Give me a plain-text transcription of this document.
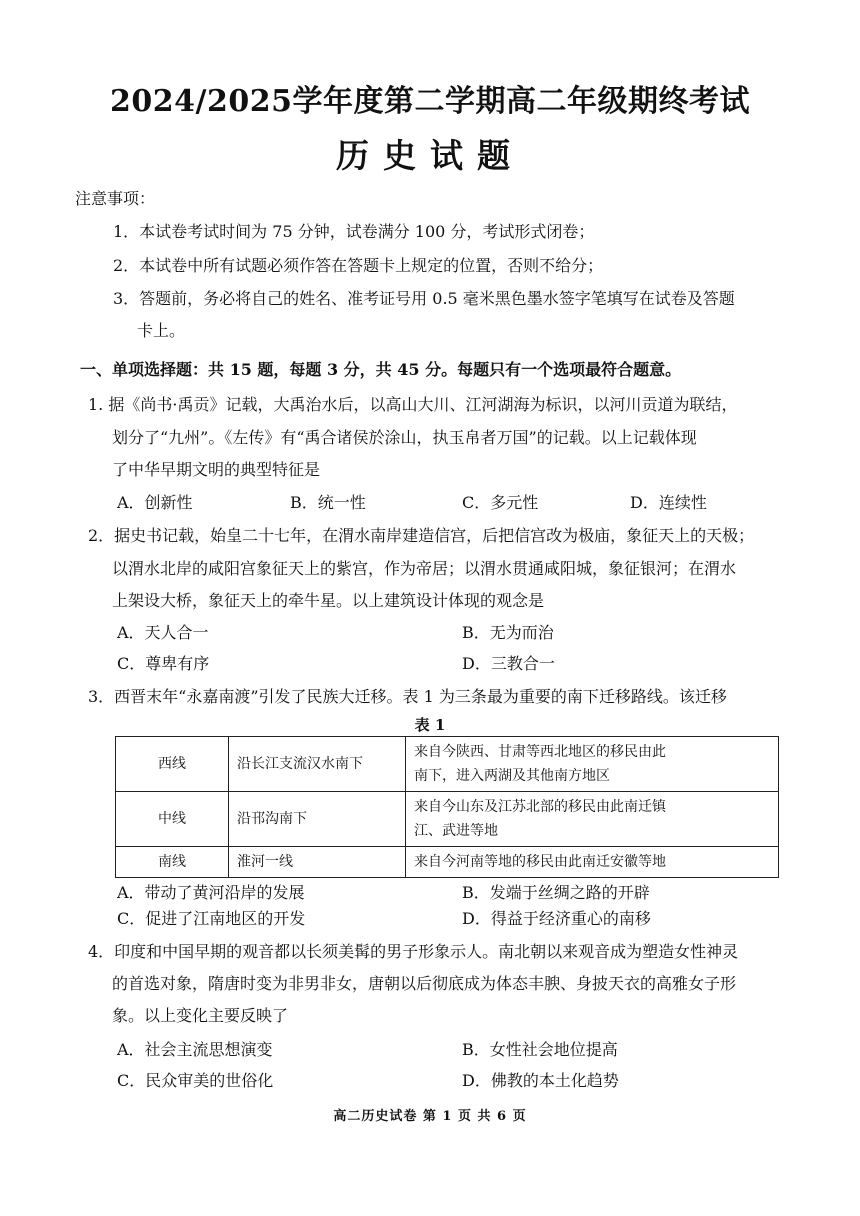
2024/2025学年度第二学期高二年级期终考试
历史试题
注意事项：
1．本试卷考试时间为 75 分钟，试卷满分 100 分，考试形式闭卷；
2．本试卷中所有试题必须作答在答题卡上规定的位置，否则不给分；
3．答题前，务必将自己的姓名、准考证号用 0.5 毫米黑色墨水签字笔填写在试卷及答题
卡上。
一、单项选择题：共 15 题，每题 3 分，共 45 分。每题只有一个选项最符合题意。
1. 据《尚书·禹贡》记载，大禹治水后，以高山大川、江河湖海为标识，以河川贡道为联结，
划分了“九州”。《左传》有“禹合诸侯於涂山，执玉帛者万国”的记载。以上记载体现
了中华早期文明的典型特征是
A．创新性	B．统一性	C．多元性	D．连续性
2．据史书记载，始皇二十七年，在渭水南岸建造信宫，后把信宫改为极庙，象征天上的天极；
以渭水北岸的咸阳宫象征天上的紫宫，作为帝居；以渭水贯通咸阳城，象征银河；在渭水
上架设大桥，象征天上的牵牛星。以上建筑设计体现的观念是
A．天人合一	B．无为而治
C．尊卑有序	D．三教合一
3．西晋末年“永嘉南渡”引发了民族大迁移。表 1 为三条最为重要的南下迁移路线。该迁移
表 1
西线	沿长江支流汉水南下	来自今陕西、甘肃等西北地区的移民由此
南下，进入两湖及其他南方地区
中线	沿邗沟南下	来自今山东及江苏北部的移民由此南迁镇
江、武进等地
南线	淮河一线	来自今河南等地的移民由此南迁安徽等地
A．带动了黄河沿岸的发展	B．发端于丝绸之路的开辟
C．促进了江南地区的开发	D．得益于经济重心的南移
4．印度和中国早期的观音都以长须美髯的男子形象示人。南北朝以来观音成为塑造女性神灵
的首选对象，隋唐时变为非男非女，唐朝以后彻底成为体态丰腴、身披天衣的高雅女子形
象。以上变化主要反映了
A．社会主流思想演变	B．女性社会地位提高
C．民众审美的世俗化	D．佛教的本土化趋势
高二历史试卷 第 1 页 共 6 页
